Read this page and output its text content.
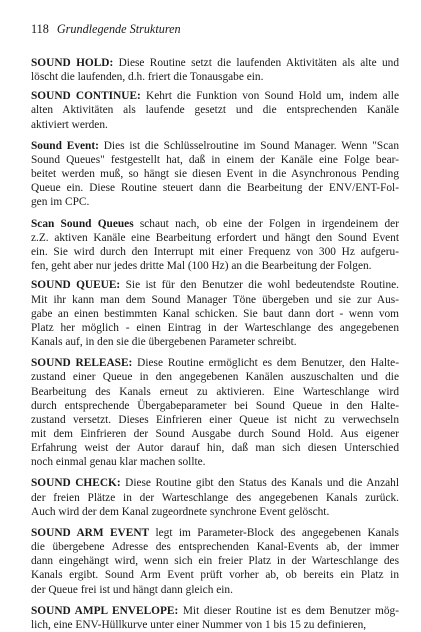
118 Grundlegende Strukturen

SOUND HOLD: Diese Routine setzt die laufenden Aktivitäten als alte und
löscht die laufenden, d.h. friert die Tonausgabe ein.

SOUND CONTINUE: Kehrt die Funktion von Sound Hold um, indem alle
alten Aktivitäten als laufende gesetzt und die entsprechenden Kanäle
aktiviert werden.

Sound Event: Dies ist die Schlüsselroutine im Sound Manager. Wenn "Scan
Sound Queues" festgestellt hat, daß in einem der Kanäle eine Folge bear-
beitet werden muß, so hängt sie diesen Event in die Asynchronous Pending
Queue ein. Diese Routine steuert dann die Bearbeitung der ENV/ENT-Fol-
gen im CPC.

Scan Sound Queues schaut nach, ob eine der Folgen in irgendeinem der
z.Z. aktiven Kanäle eine Bearbeitung erfordert und hängt den Sound Event
ein. Sie wird durch den Interrupt mit einer Frequenz von 300 Hz aufgeru-
fen, geht aber nur jedes dritte Mal (100 Hz) an die Bearbeitung der Folgen.

SOUND QUEUE: Sie ist für den Benutzer die wohl bedeutendste Routine.
Mit ihr kann man dem Sound Manager Töne übergeben und sie zur Aus-
gabe an einen bestimmten Kanal schicken. Sie baut dann dort - wenn vom
Platz her möglich - einen Eintrag in der Warteschlange des angegebenen
Kanals auf, in den sie die übergebenen Parameter schreibt.

SOUND RELEASE: Diese Routine ermöglicht es dem Benutzer, den Halte-
zustand einer Queue in den angegebenen Kanälen auszuschalten und die
Bearbeitung des Kanals erneut zu aktivieren. Eine Warteschlange wird
durch entsprechende Übergabeparameter bei Sound Queue in den Halte-
zustand versetzt. Dieses Einfrieren einer Queue ist nicht zu verwechseln
mit dem Einfrieren der Sound Ausgabe durch Sound Hold. Aus eigener
Erfahrung weist der Autor darauf hin, daß man sich diesen Unterschied
noch einmal genau klar machen sollte.

SOUND CHECK: Diese Routine gibt den Status des Kanals und die Anzahl
der freien Plätze in der Warteschlange des angegebenen Kanals zurück.
Auch wird der dem Kanal zugeordnete synchrone Event gelöscht.

SOUND ARM EVENT legt im Parameter-Block des angegebenen Kanals
die übergebene Adresse des entsprechenden Kanal-Events ab, der immer
dann eingehängt wird, wenn sich ein freier Platz in der Warteschlange des
Kanals ergibt. Sound Arm Event prüft vorher ab, ob bereits ein Platz in
der Queue frei ist und hängt dann gleich ein.

SOUND AMPL ENVELOPE: Mit dieser Routine ist es dem Benutzer mög-
lich, eine ENV-Hüllkurve unter einer Nummer von 1 bis 15 zu definieren,
